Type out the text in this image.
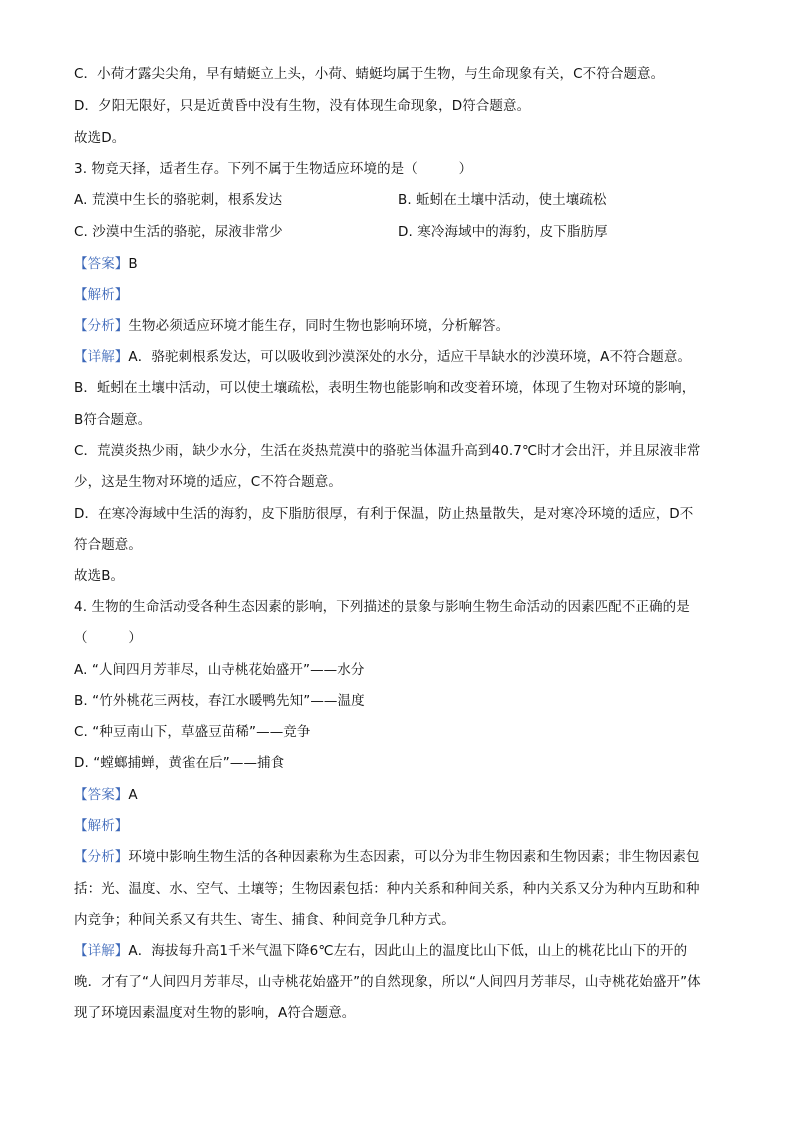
C．小荷才露尖尖角，早有蜻蜓立上头，小荷、蜻蜓均属于生物，与生命现象有关，C不符合题意。
D．夕阳无限好，只是近黄昏中没有生物，没有体现生命现象，D符合题意。
故选D。
3. 物竞天择，适者生存。下列不属于生物适应环境的是（　　　）
A. 荒漠中生长的骆驼刺，根系发达	B. 蚯蚓在土壤中活动，使土壤疏松
C. 沙漠中生活的骆驼，尿液非常少	D. 寒冷海域中的海豹，皮下脂肪厚
【答案】B
【解析】
【分析】生物必须适应环境才能生存，同时生物也影响环境，分析解答。
【详解】A．骆驼刺根系发达，可以吸收到沙漠深处的水分，适应干旱缺水的沙漠环境，A不符合题意。
B．蚯蚓在土壤中活动，可以使土壤疏松，表明生物也能影响和改变着环境，体现了生物对环境的影响，
B符合题意。
C．荒漠炎热少雨，缺少水分，生活在炎热荒漠中的骆驼当体温升高到40.7℃时才会出汗，并且尿液非常
少，这是生物对环境的适应，C不符合题意。
D．在寒冷海域中生活的海豹，皮下脂肪很厚，有利于保温，防止热量散失，是对寒冷环境的适应，D不
符合题意。
故选B。
4. 生物的生命活动受各种生态因素的影响，下列描述的景象与影响生物生命活动的因素匹配不正确的是
（　　　）
A. “人间四月芳菲尽，山寺桃花始盛开”——水分
B. “竹外桃花三两枝，春江水暖鸭先知”——温度
C. “种豆南山下，草盛豆苗稀”——竞争
D. “螳螂捕蝉，黄雀在后”——捕食
【答案】A
【解析】
【分析】环境中影响生物生活的各种因素称为生态因素，可以分为非生物因素和生物因素；非生物因素包
括：光、温度、水、空气、土壤等；生物因素包括：种内关系和种间关系，种内关系又分为种内互助和种
内竞争；种间关系又有共生、寄生、捕食、种间竞争几种方式。
【详解】A．海拔每升高1千米气温下降6℃左右，因此山上的温度比山下低，山上的桃花比山下的开的
晚．才有了“人间四月芳菲尽，山寺桃花始盛开”的自然现象，所以“人间四月芳菲尽，山寺桃花始盛开”体
现了环境因素温度对生物的影响，A符合题意。
